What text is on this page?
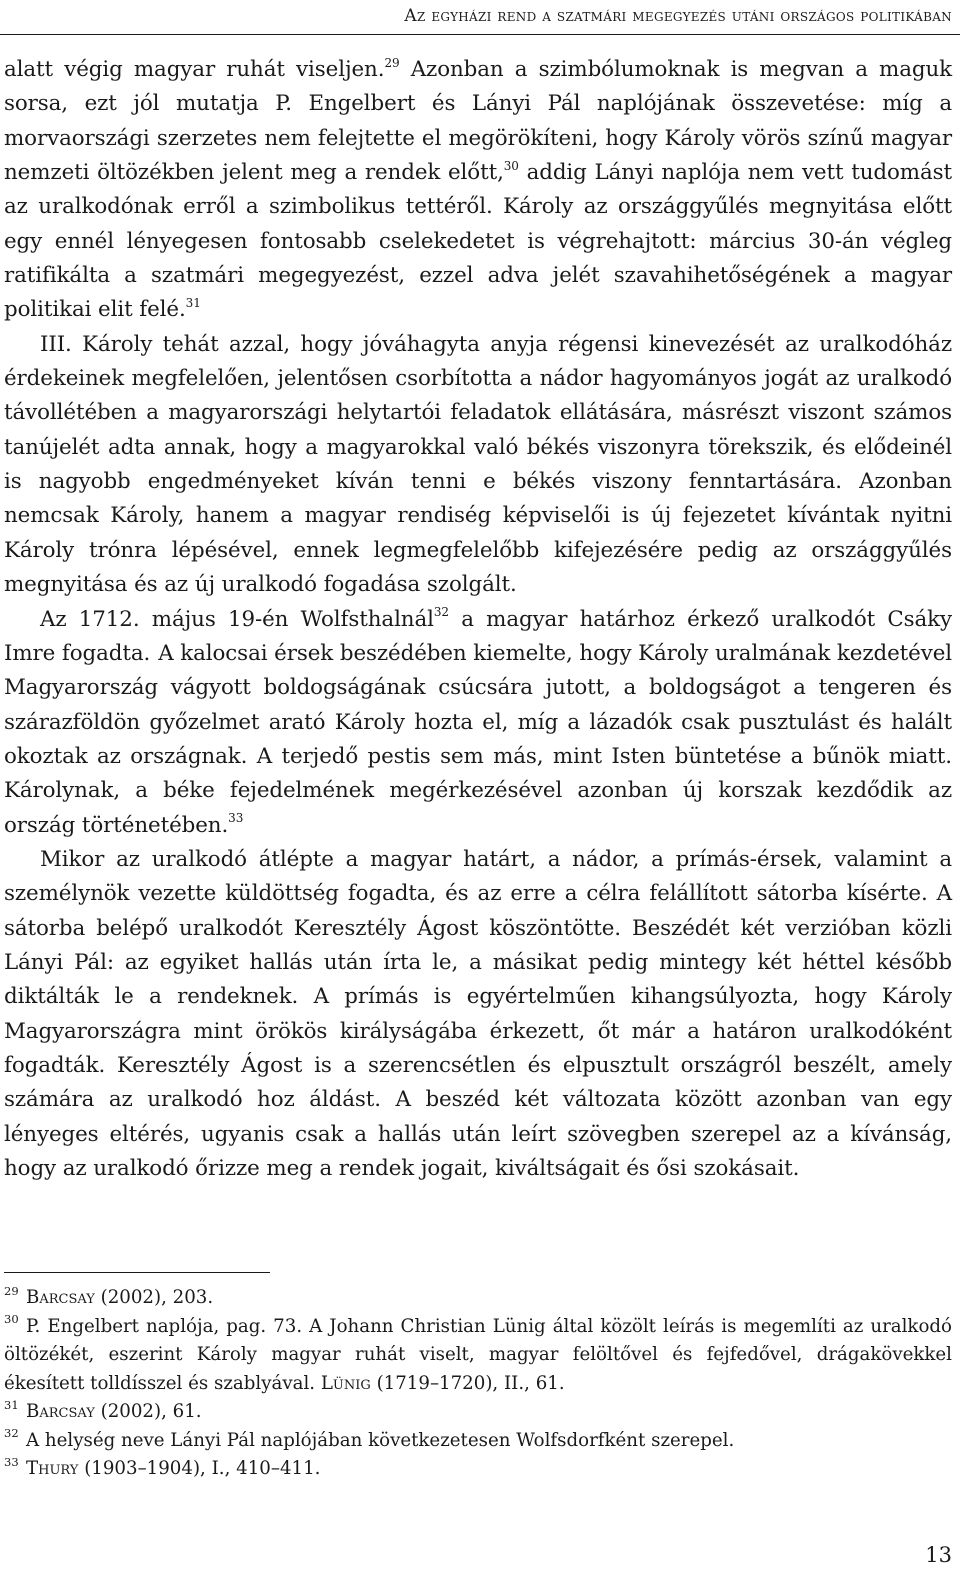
Az egyházi rend a szatmári megegyezés utáni országos politikában

alatt végig magyar ruhát viseljen.$^{29}$ Azonban a szimbólumoknak is megvan a maguk sorsa, ezt jól mutatja P. Engelbert és Lányi Pál naplójának összevetése: míg a morvaországi szerzetes nem felejtette el megörökíteni, hogy Károly vörös színű magyar nemzeti öltözékben jelent meg a rendek előtt,$^{30}$ addig Lányi naplója nem vett tudomást az uralkodónak erről a szimbolikus tettéről. Károly az országgyűlés megnyitása előtt egy ennél lényegesen fontosabb cselekedetet is végrehajtott: március 30-án végleg ratifikálta a szatmári megegyezést, ezzel adva jelét szavahihetőségének a magyar politikai elit felé.$^{31}$

III. Károly tehát azzal, hogy jóváhagyta anyja régensi kinevezését az uralkodóház érdekeinek megfelelően, jelentősen csorbította a nádor hagyományos jogát az uralkodó távollétében a magyarországi helytartói feladatok ellátására, másrészt viszont számos tanújelét adta annak, hogy a magyarokkal való békés viszonyra törekszik, és elődeinél is nagyobb engedményeket kíván tenni e békés viszony fenntartására. Azonban nemcsak Károly, hanem a magyar rendiség képviselői is új fejezetet kívántak nyitni Károly trónra lépésével, ennek legmegfelelőbb kifejezésére pedig az országgyűlés megnyitása és az új uralkodó fogadása szolgált.

Az 1712. május 19-én Wolfsthalnál$^{32}$ a magyar határhoz érkező uralkodót Csáky Imre fogadta. A kalocsai érsek beszédében kiemelte, hogy Károly uralmának kezdetével Magyarország vágyott boldogságának csúcsára jutott, a boldogságot a tengeren és szárazföldön győzelmet arató Károly hozta el, míg a lázadók csak pusztulást és halált okoztak az országnak. A terjedő pestis sem más, mint Isten büntetése a bűnök miatt. Károlynak, a béke fejedelmének megérkezésével azonban új korszak kezdődik az ország történetében.$^{33}$

Mikor az uralkodó átlépte a magyar határt, a nádor, a prímás-érsek, valamint a személynök vezette küldöttség fogadta, és az erre a célra felállított sátorba kísérte. A sátorba belépő uralkodót Keresztély Ágost köszöntötte. Beszédét két verzióban közli Lányi Pál: az egyiket hallás után írta le, a másikat pedig mintegy két héttel később diktálták le a rendeknek. A prímás is egyértelműen kihangsúlyozta, hogy Károly Magyarországra mint örökös királyságába érkezett, őt már a határon uralkodóként fogadták. Keresztély Ágost is a szerencsétlen és elpusztult országról beszélt, amely számára az uralkodó hoz áldást. A beszéd két változata között azonban van egy lényeges eltérés, ugyanis csak a hallás után leírt szövegben szerepel az a kívánság, hogy az uralkodó őrizze meg a rendek jogait, kiváltságait és ősi szokásait.

$^{29}$ Barcsay (2002), 203.

$^{30}$ P. Engelbert naplója, pag. 73. A Johann Christian Lünig által közölt leírás is megemlíti az uralkodó öltözékét, eszerint Károly magyar ruhát viselt, magyar felöltővel és fejfedővel, drágakövekkel ékesített tolldísszel és szablyával. Lünig (1719–1720), II., 61.

$^{31}$ Barcsay (2002), 61.

$^{32}$ A helység neve Lányi Pál naplójában következetesen Wolfsdorfként szerepel.

$^{33}$ Thury (1903–1904), I., 410–411.

13
